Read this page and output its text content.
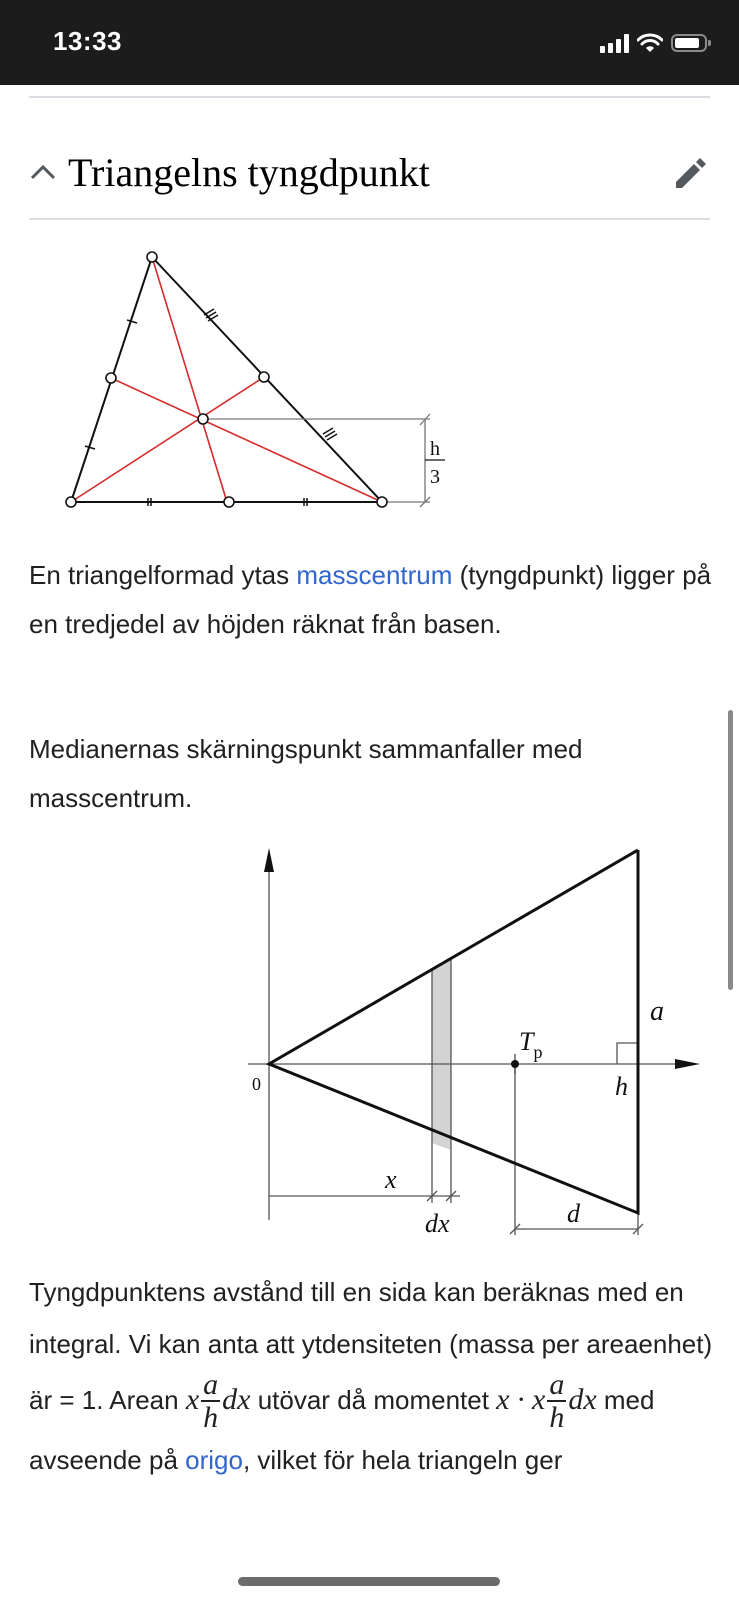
13:33
Triangelns tyngdpunkt
h
3
En triangelformad ytas masscentrum (tyngdpunkt) ligger på en tredjedel av höjden räknat från basen.
Medianernas skärningspunkt sammanfaller med masscentrum.
0
a
h
$T_p$
x
dx	d
Tyngdpunktens avstånd till en sida kan beräknas med en integral. Vi kan anta att ytdensiteten (massa per areaenhet) är = 1. Arean x $\frac{a}{h}$ dx utövar då momentet x · x $\frac{a}{h}$ dx med avseende på origo, vilket för hela triangeln ger
